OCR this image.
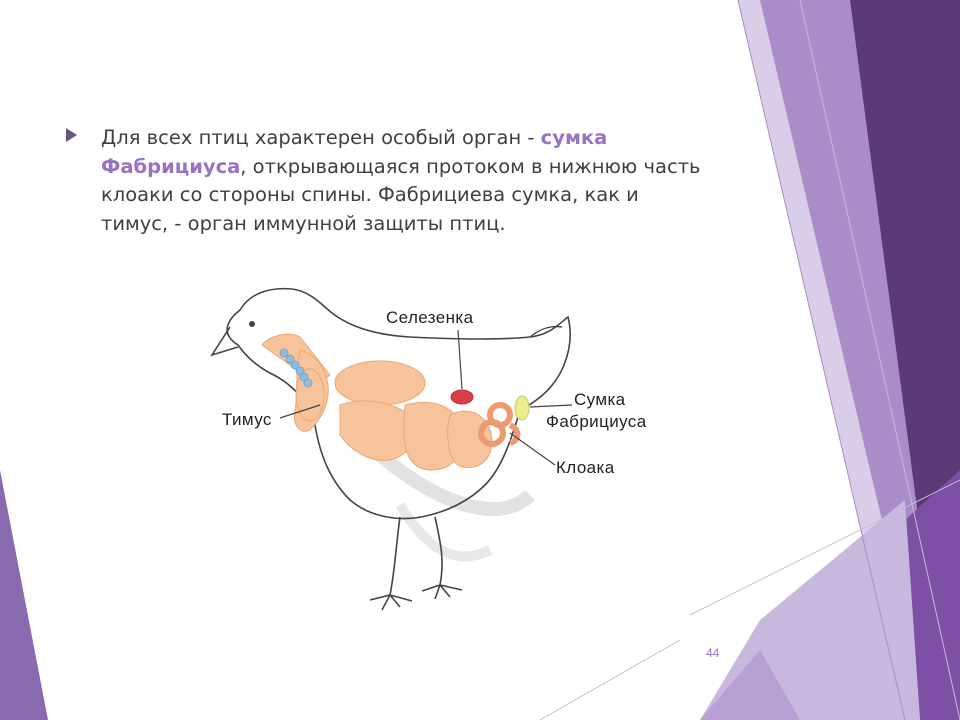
Для всех птиц характерен особый орган - сумка Фабрициуса, открывающаяся протоком в нижнюю часть клоаки со стороны спины. Фабрициева сумка, как и тимус, - орган иммунной защиты птиц.
Селезенка
Тимус
Сумка
Фабрициуса
Клоака
44
